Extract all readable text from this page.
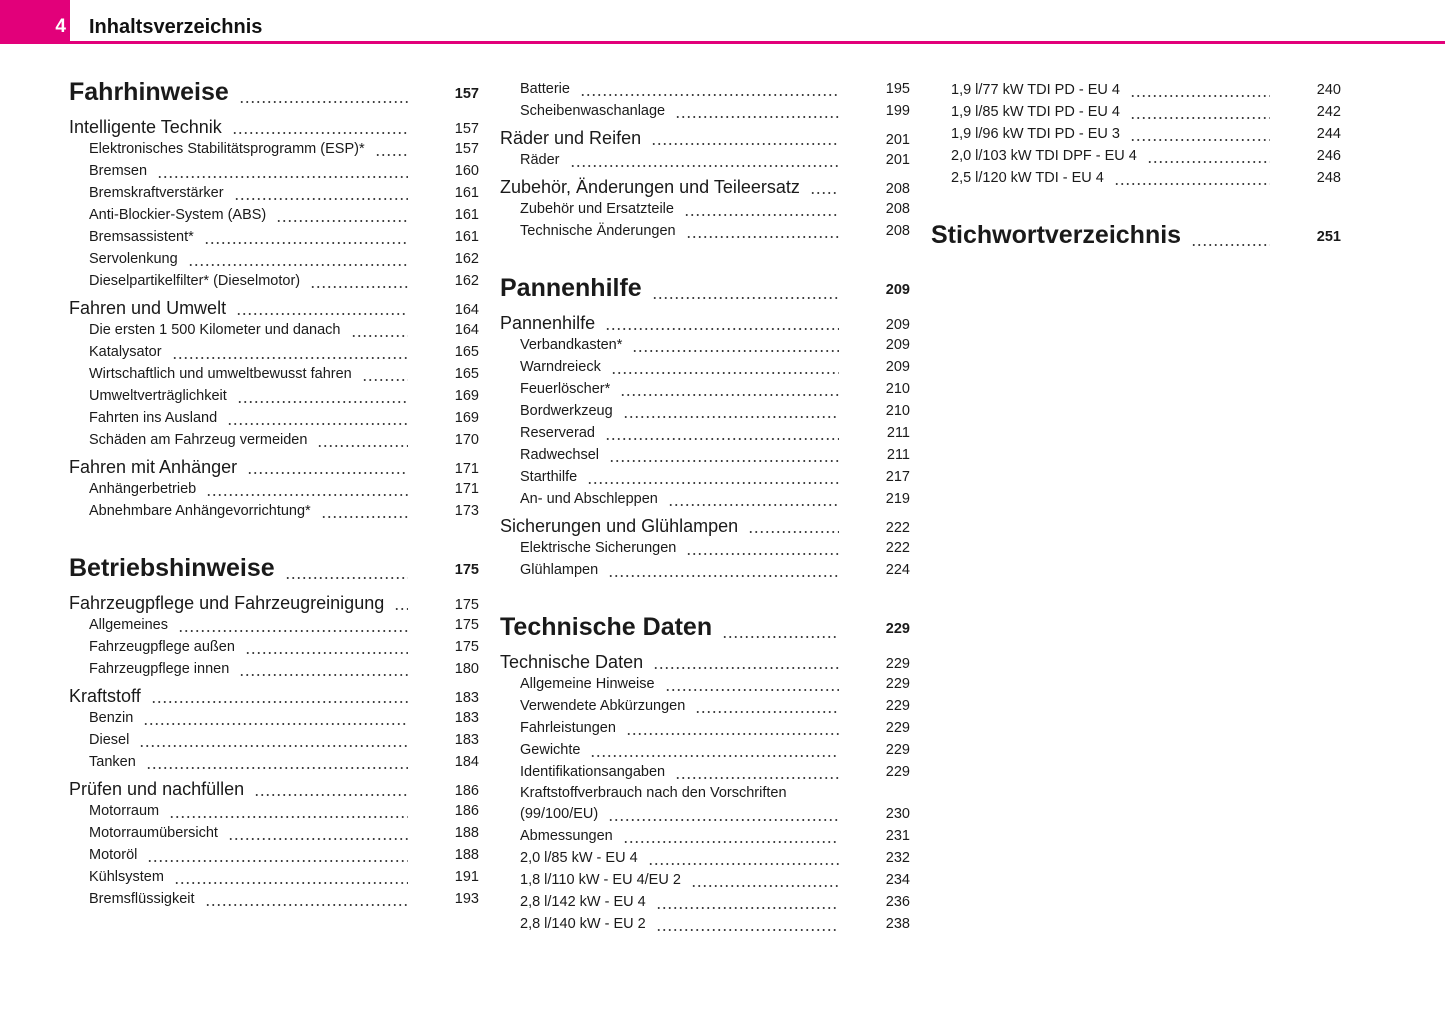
4 Inhaltsverzeichnis
Fahrhinweise	157
Intelligente Technik	157
Elektronisches Stabilitätsprogramm (ESP)*	157
Bremsen	160
Bremskraftverstärker	161
Anti-Blockier-System (ABS)	161
Bremsassistent*	161
Servolenkung	162
Dieselpartikelfilter* (Dieselmotor)	162
Fahren und Umwelt	164
Die ersten 1 500 Kilometer und danach	164
Katalysator	165
Wirtschaftlich und umweltbewusst fahren	165
Umweltverträglichkeit	169
Fahrten ins Ausland	169
Schäden am Fahrzeug vermeiden	170
Fahren mit Anhänger	171
Anhängerbetrieb	171
Abnehmbare Anhängevorrichtung*	173
Betriebshinweise	175
Fahrzeugpflege und Fahrzeugreinigung	175
Allgemeines	175
Fahrzeugpflege außen	175
Fahrzeugpflege innen	180
Kraftstoff	183
Benzin	183
Diesel	183
Tanken	184
Prüfen und nachfüllen	186
Motorraum	186
Motorraumübersicht	188
Motoröl	188
Kühlsystem	191
Bremsflüssigkeit	193
Batterie	195
Scheibenwaschanlage	199
Räder und Reifen	201
Räder	201
Zubehör, Änderungen und Teileersatz	208
Zubehör und Ersatzteile	208
Technische Änderungen	208
Pannenhilfe	209
Pannenhilfe	209
Verbandkasten*	209
Warndreieck	209
Feuerlöscher*	210
Bordwerkzeug	210
Reserverad	211
Radwechsel	211
Starthilfe	217
An- und Abschleppen	219
Sicherungen und Glühlampen	222
Elektrische Sicherungen	222
Glühlampen	224
Technische Daten	229
Technische Daten	229
Allgemeine Hinweise	229
Verwendete Abkürzungen	229
Fahrleistungen	229
Gewichte	229
Identifikationsangaben	229
Kraftstoffverbrauch nach den Vorschriften
(99/100/EU)	230
Abmessungen	231
2,0 l/85 kW - EU 4	232
1,8 l/110 kW - EU 4/EU 2	234
2,8 l/142 kW - EU 4	236
2,8 l/140 kW - EU 2	238
1,9 l/77 kW TDI PD - EU 4	240
1,9 l/85 kW TDI PD - EU 4	242
1,9 l/96 kW TDI PD - EU 3	244
2,0 l/103 kW TDI DPF - EU 4	246
2,5 l/120 kW TDI - EU 4	248
Stichwortverzeichnis	251
